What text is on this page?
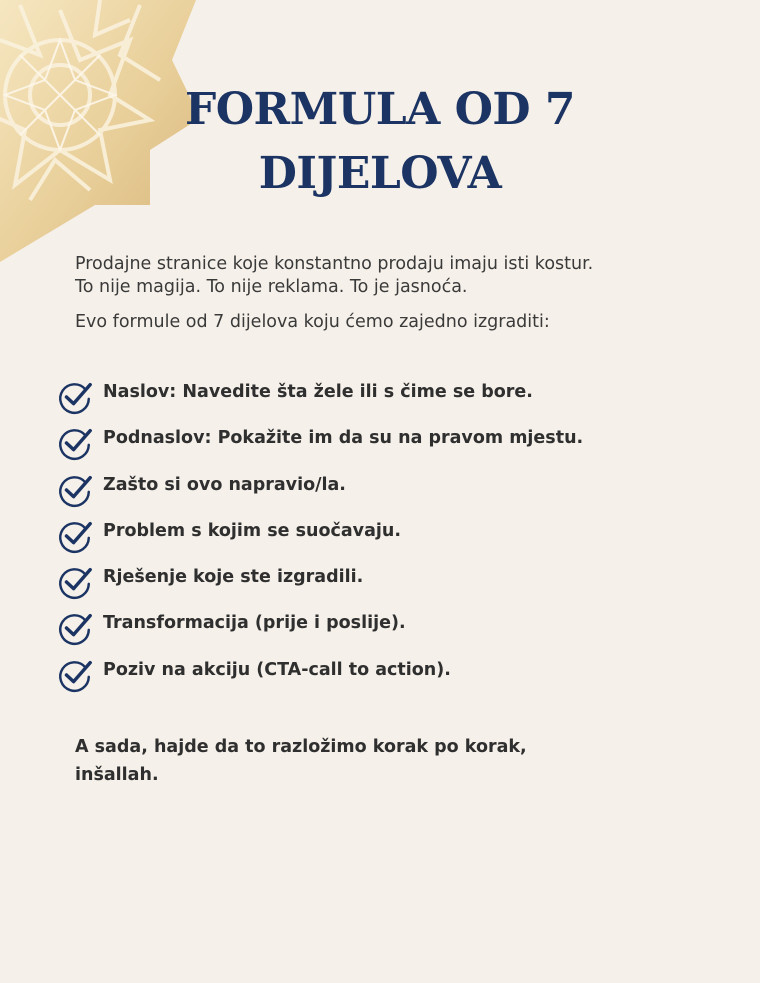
FORMULA OD 7
DIJELOVA

Prodajne stranice koje konstantno prodaju imaju isti kostur.

To nije magija. To nije reklama. To je jasnoća.

Evo formule od 7 dijelova koju ćemo zajedno izgraditi:

Naslov: Navedite šta žele ili s čime se bore.
Podnaslov: Pokažite im da su na pravom mjestu.
Zašto si ovo napravio/la.
Problem s kojim se suočavaju.
Rješenje koje ste izgradili.
Transformacija (prije i poslije).
Poziv na akciju (CTA-call to action).
A sada, hajde da to razložimo korak po korak,
inšallah.
